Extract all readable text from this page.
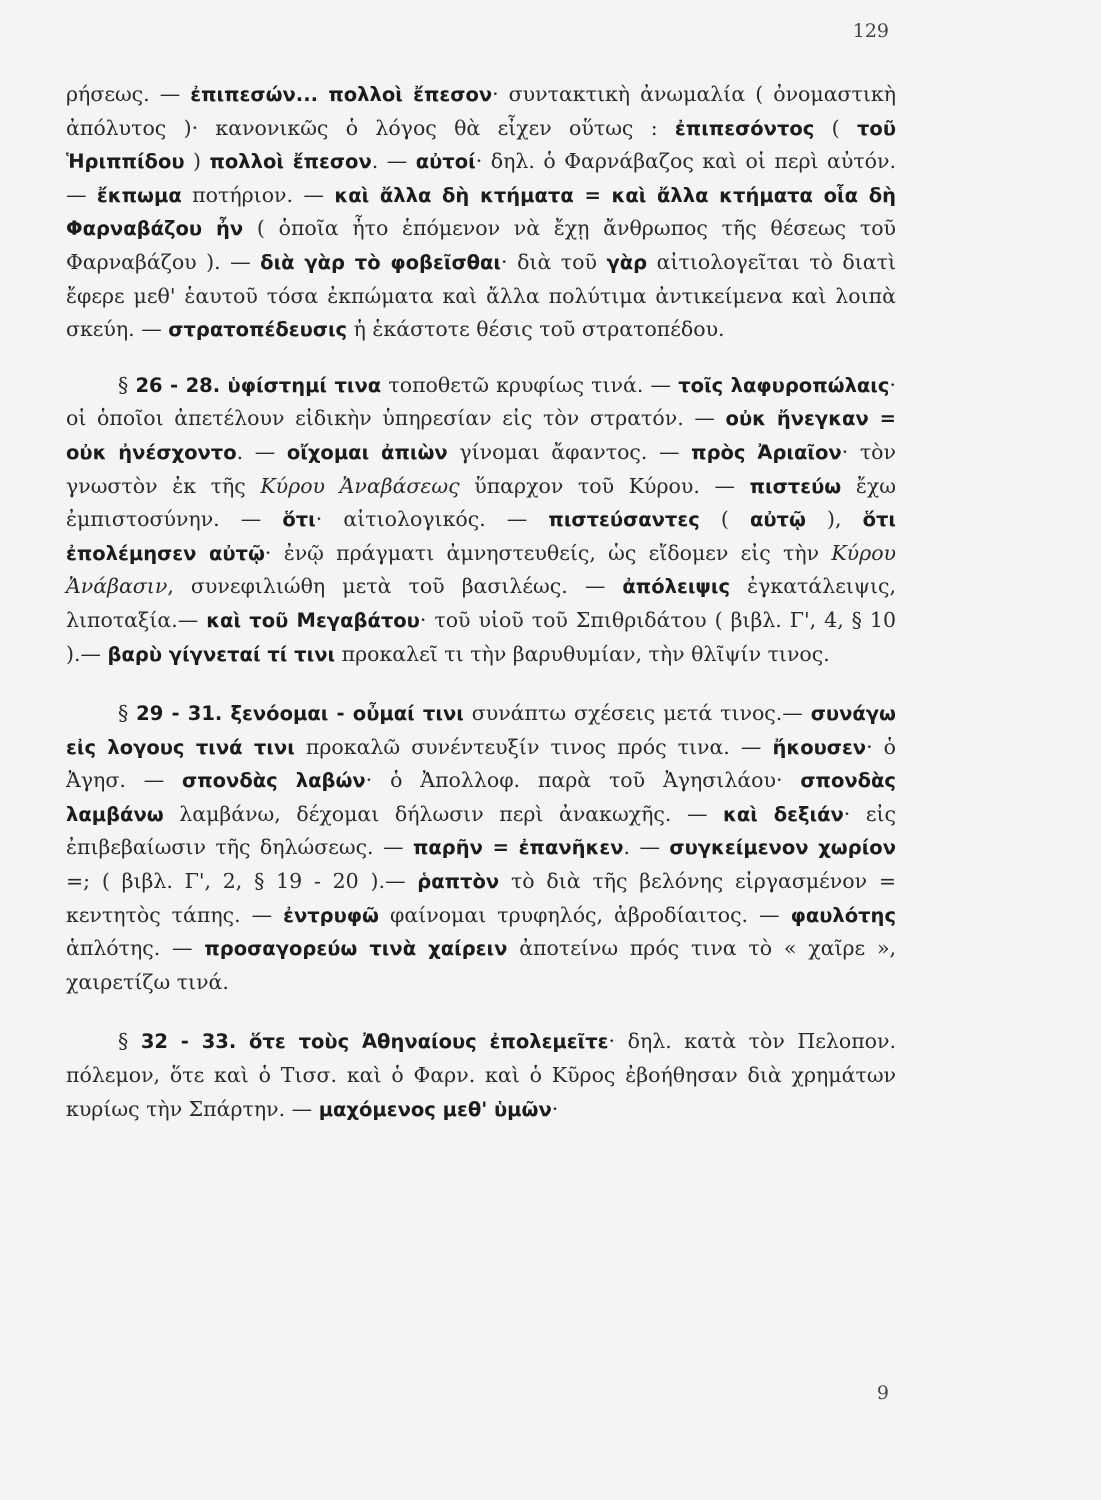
129

ρήσεως. — ἐπιπεσών... πολλοὶ ἔπεσον· συντακτικὴ ἀνωμαλία ( ὀνομαστικὴ ἀπόλυτος )· κανονικῶς ὁ λόγος θὰ εἶχεν οὕτως : ἐπιπεσόντος ( τοῦ Ἡριππίδου ) πολλοὶ ἔπεσον. — αὐτοί· δηλ. ὁ Φαρνάβαζος καὶ οἱ περὶ αὐτόν. — ἔκπωμα ποτήριον. — καὶ ἄλλα δὴ κτήματα = καὶ ἄλλα κτήματα οἷα δὴ Φαρναβάζου ἦν ( ὁποῖα ἦτο ἑπόμενον νὰ ἔχῃ ἄνθρωπος τῆς θέσεως τοῦ Φαρναβάζου ). — διὰ γὰρ τὸ φοβεῖσθαι· διὰ τοῦ γὰρ αἰτιολογεῖται τὸ διατὶ ἔφερε μεθ' ἑαυτοῦ τόσα ἐκπώματα καὶ ἄλλα πολύτιμα ἀντικείμενα καὶ λοιπὰ σκεύη. — στρατοπέδευσις ἡ ἑκάστοτε θέσις τοῦ στρατοπέδου.

§ 26 - 28. ὑφίστημί τινα τοποθετῶ κρυφίως τινά. — τοῖς λαφυροπώλαις· οἱ ὁποῖοι ἀπετέλουν εἰδικὴν ὑπηρεσίαν εἰς τὸν στρατόν. — οὐκ ἤνεγκαν = οὐκ ἠνέσχοντο. — οἴχομαι ἀπιὼν γίνομαι ἄφαντος. — πρὸς Ἀριαῖον· τὸν γνωστὸν ἐκ τῆς Κύρου Ἀναβάσεως ὕπαρχον τοῦ Κύρου. — πιστεύω ἔχω ἐμπιστοσύνην. — ὅτι· αἰτιολογικός. — πιστεύσαντες ( αὐτῷ ), ὅτι ἐπολέμησεν αὐτῷ· ἐνῷ πράγματι ἀμνηστευθείς, ὡς εἴδομεν εἰς τὴν Κύρου Ἀνάβασιν, συνεφιλιώθη μετὰ τοῦ βασιλέως. — ἀπόλειψις ἐγκατάλειψις, λιποταξία.— καὶ τοῦ Μεγαβάτου· τοῦ υἱοῦ τοῦ Σπιθριδάτου ( βιβλ. Γ', 4, § 10 ).— βαρὺ γίγνεταί τί τινι προκαλεῖ τι τὴν βαρυθυμίαν, τὴν θλῖψίν τινος.

§ 29 - 31. ξενόομαι - οὖμαί τινι συνάπτω σχέσεις μετά τινος.— συνάγω εἰς λογους τινά τινι προκαλῶ συνέντευξίν τινος πρός τινα. — ἤκουσεν· ὁ Ἀγησ. — σπονδὰς λαβών· ὁ Ἀπολλοφ. παρὰ τοῦ Ἀγησιλάου· σπονδὰς λαμβάνω λαμβάνω, δέχομαι δήλωσιν περὶ ἀνακωχῆς. — καὶ δεξιάν· εἰς ἐπιβεβαίωσιν τῆς δηλώσεως. — παρῆν = ἐπανῆκεν. — συγκείμενον χωρίον =; ( βιβλ. Γ', 2, § 19 - 20 ).— ῥαπτὸν τὸ διὰ τῆς βελόνης εἰργασμένον = κεντητὸς τάπης. — ἐντρυφῶ φαίνομαι τρυφηλός, ἁβροδίαιτος. — φαυλότης ἁπλότης. — προσαγορεύω τινὰ χαίρειν ἀποτείνω πρός τινα τὸ « χαῖρε », χαιρετίζω τινά.

§ 32 - 33. ὅτε τοὺς Ἀθηναίους ἐπολεμεῖτε· δηλ. κατὰ τὸν Πελοπον. πόλεμον, ὅτε καὶ ὁ Τισσ. καὶ ὁ Φαρν. καὶ ὁ Κῦρος ἐβοήθησαν διὰ χρημάτων κυρίως τὴν Σπάρτην. — μαχόμενος μεθ' ὑμῶν·

9
